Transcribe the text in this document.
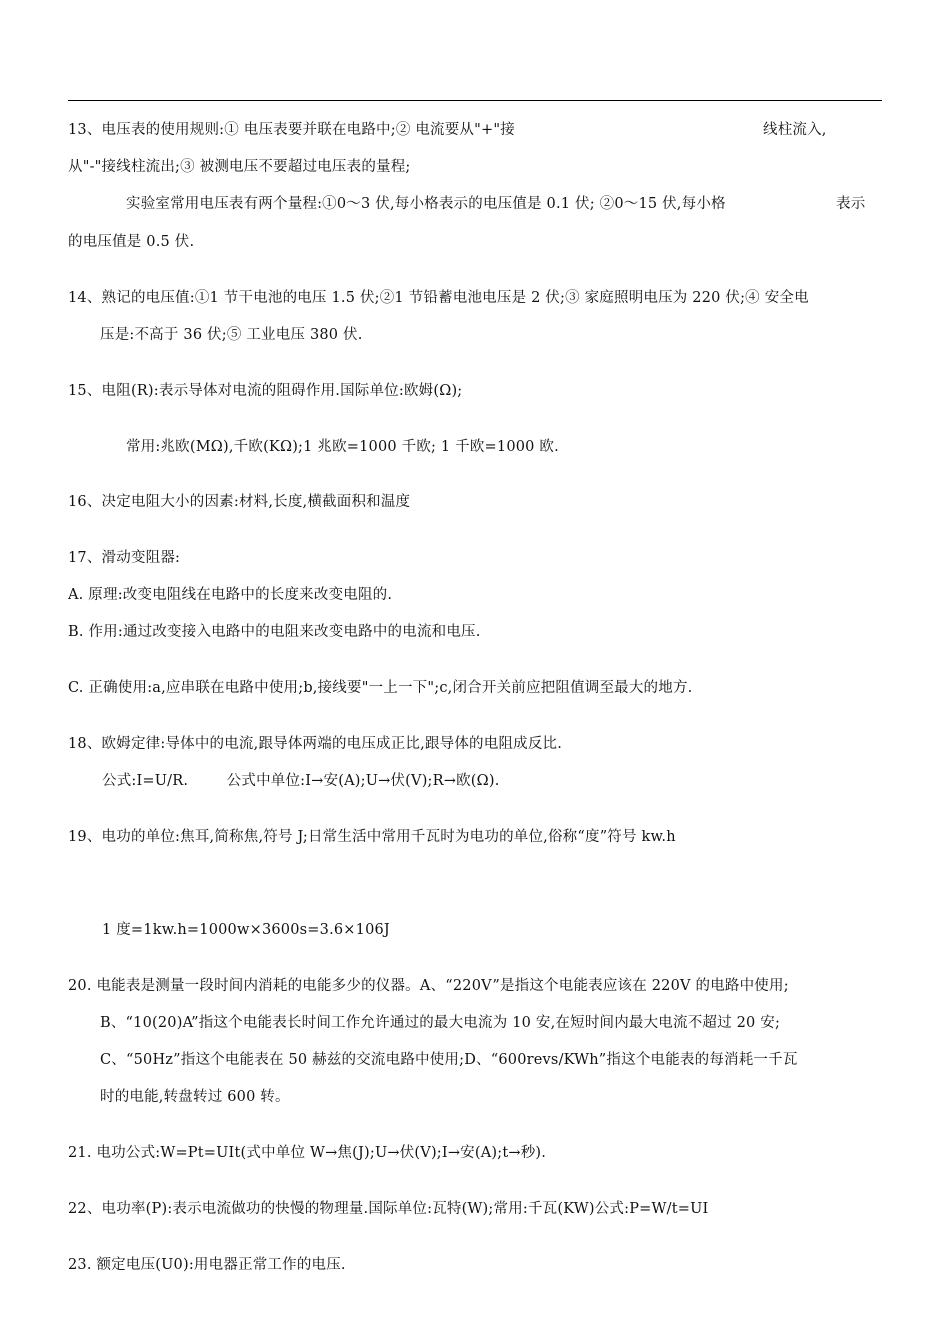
13、电压表的使用规则:① 电压表要并联在电路中;② 电流要从"+"接	线柱流入,
从"-"接线柱流出;③ 被测电压不要超过电压表的量程;
实验室常用电压表有两个量程:①0～3 伏,每小格表示的电压值是 0.1 伏; ②0～15 伏,每小格	表示
的电压值是 0.5 伏.
14、熟记的电压值:①1 节干电池的电压 1.5 伏;②1 节铅蓄电池电压是 2 伏;③ 家庭照明电压为 220 伏;④ 安全电
压是:不高于 36 伏;⑤ 工业电压 380 伏.
15、电阻(R):表示导体对电流的阻碍作用.国际单位:欧姆(Ω);
常用:兆欧(MΩ),千欧(KΩ);1 兆欧=1000 千欧; 1 千欧=1000 欧.
16、决定电阻大小的因素:材料,长度,横截面积和温度
17、滑动变阻器:
A. 原理:改变电阻线在电路中的长度来改变电阻的.
B. 作用:通过改变接入电路中的电阻来改变电路中的电流和电压.
C. 正确使用:a,应串联在电路中使用;b,接线要"一上一下";c,闭合开关前应把阻值调至最大的地方.
18、欧姆定律:导体中的电流,跟导体两端的电压成正比,跟导体的电阻成反比.
公式:I=U/R.        公式中单位:I→安(A);U→伏(V);R→欧(Ω).
19、电功的单位:焦耳,简称焦,符号 J;日常生活中常用千瓦时为电功的单位,俗称“度”符号 kw.h
1 度=1kw.h=1000w×3600s=3.6×106J
20. 电能表是测量一段时间内消耗的电能多少的仪器。A、“220V”是指这个电能表应该在 220V 的电路中使用;
B、“10(20)A”指这个电能表长时间工作允许通过的最大电流为 10 安,在短时间内最大电流不超过 20 安;
C、“50Hz”指这个电能表在 50 赫兹的交流电路中使用;D、“600revs/KWh”指这个电能表的每消耗一千瓦
时的电能,转盘转过 600 转。
21. 电功公式:W=Pt=UIt(式中单位 W→焦(J);U→伏(V);I→安(A);t→秒).
22、电功率(P):表示电流做功的快慢的物理量.国际单位:瓦特(W);常用:千瓦(KW)公式:P=W/t=UI
23. 额定电压(U0):用电器正常工作的电压.
